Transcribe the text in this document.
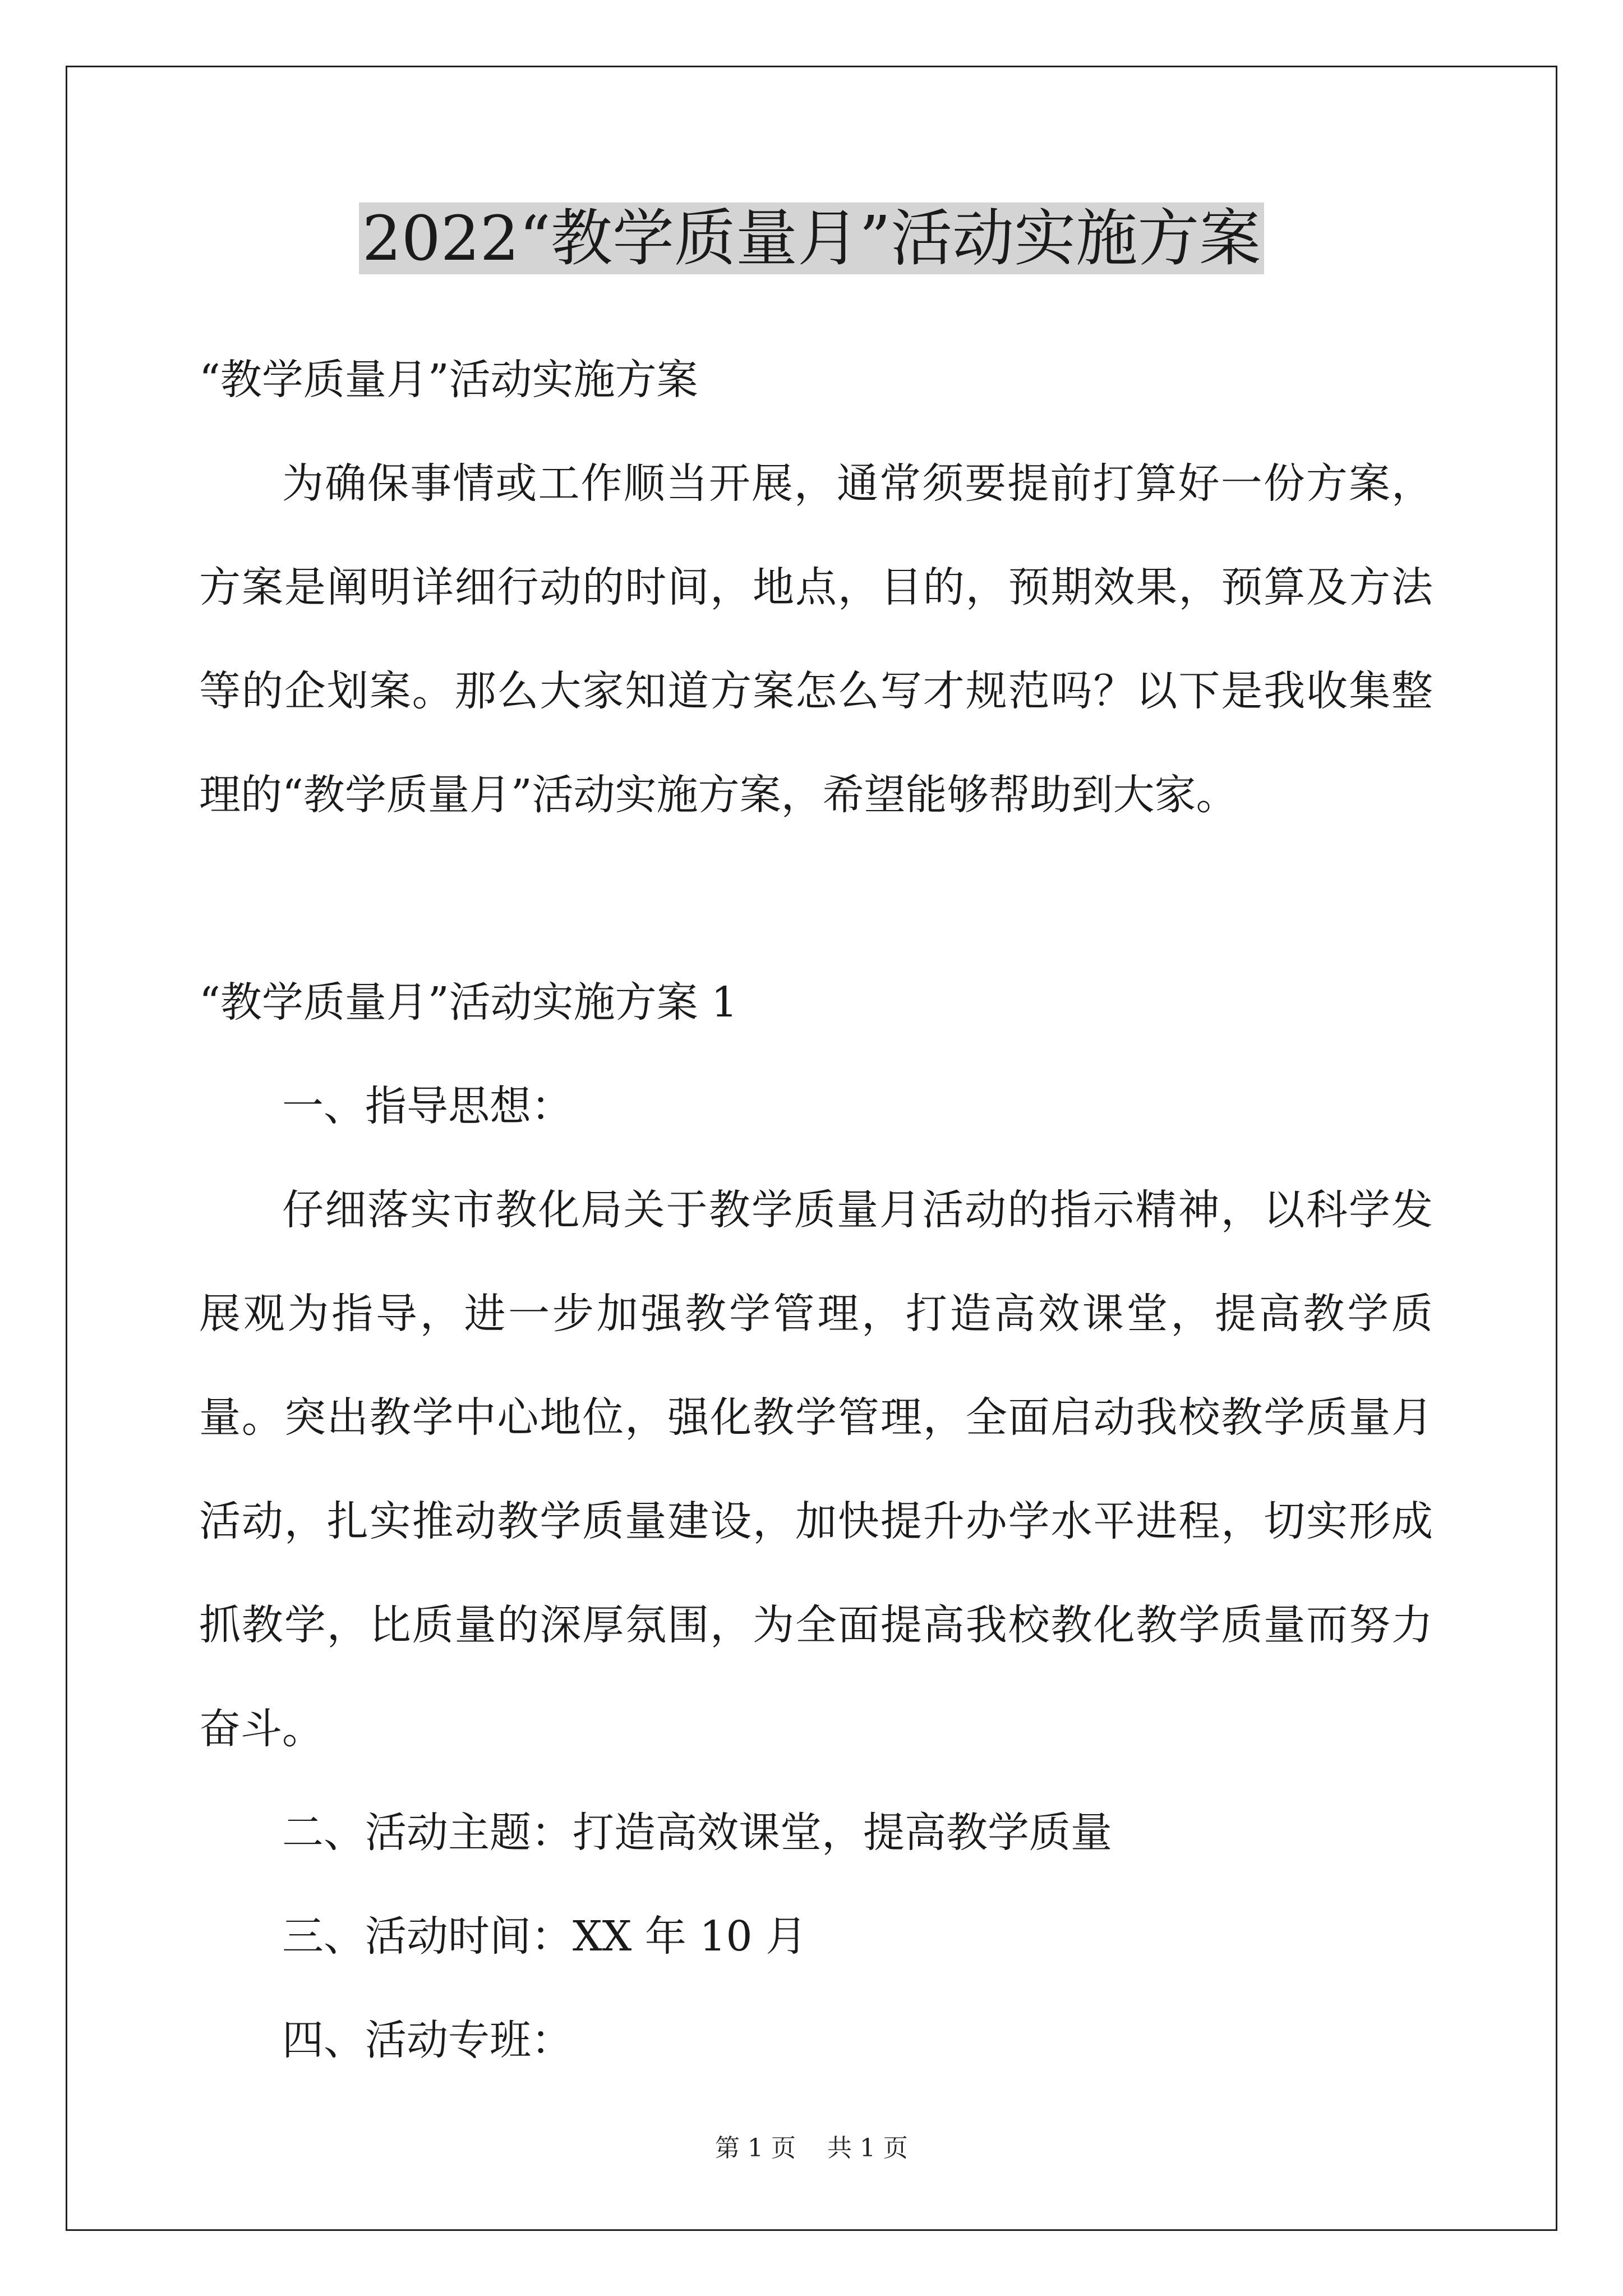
2022“教学质量月”活动实施方案

“教学质量月”活动实施方案

为确保事情或工作顺当开展，通常须要提前打算好一份方案，方案是阐明详细行动的时间，地点，目的，预期效果，预算及方法等的企划案。那么大家知道方案怎么写才规范吗？以下是我收集整理的“教学质量月”活动实施方案，希望能够帮助到大家。

“教学质量月”活动实施方案 1

一、指导思想：

仔细落实市教化局关于教学质量月活动的指示精神，以科学发展观为指导，进一步加强教学管理，打造高效课堂，提高教学质量。突出教学中心地位，强化教学管理，全面启动我校教学质量月活动，扎实推动教学质量建设，加快提升办学水平进程，切实形成抓教学，比质量的深厚氛围，为全面提高我校教化教学质量而努力奋斗。

二、活动主题：打造高效课堂，提高教学质量

三、活动时间：XX 年 10 月

四、活动专班：

第 1 页    共 1 页
